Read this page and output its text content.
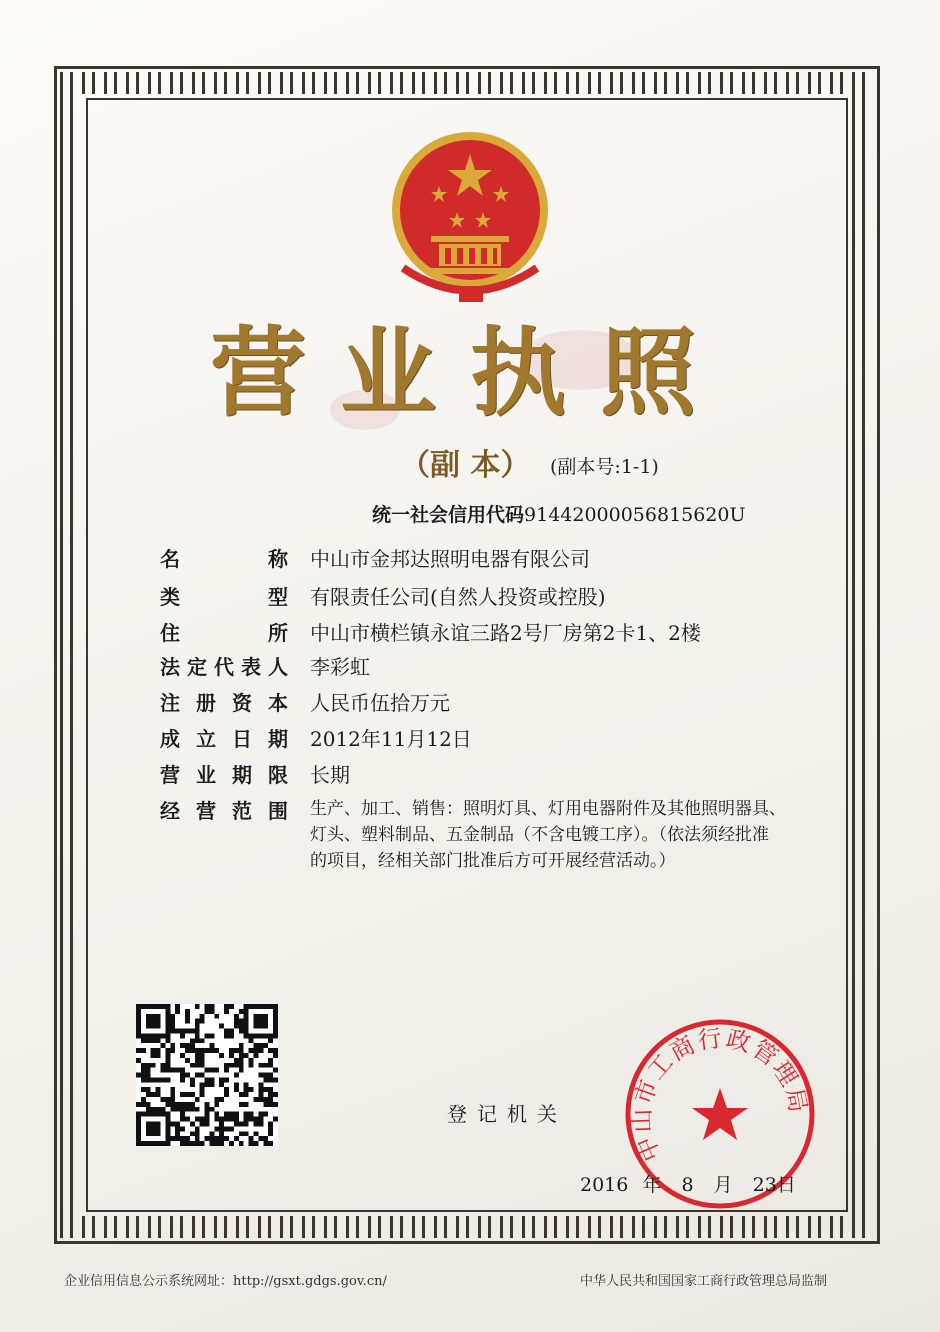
营业执照
（副 本）	(副本号:1-1)
统一社会信用代码91442000056815620U
名	称 中山市金邦达照明电器有限公司
类	型 有限责任公司(自然人投资或控股)
住	所 中山市横栏镇永谊三路2号厂房第2卡1、2楼
法 定 代 表 人 李彩虹
注 册 资 本 人民币伍拾万元
成 立 日 期 2012年11月12日
营 业 期 限 长期
经 营 范 围 生产、加工、销售：照明灯具、灯用电器附件及其他照明器具、
灯头、塑料制品、五金制品（不含电镀工序）。（依法须经批准
的项目，经相关部门批准后方可开展经营活动。）
登记机关
中山市工商行政管理局
2016 年 8 月 23日
企业信用信息公示系统网址：http://gsxt.gdgs.gov.cn/	中华人民共和国国家工商行政管理总局监制
